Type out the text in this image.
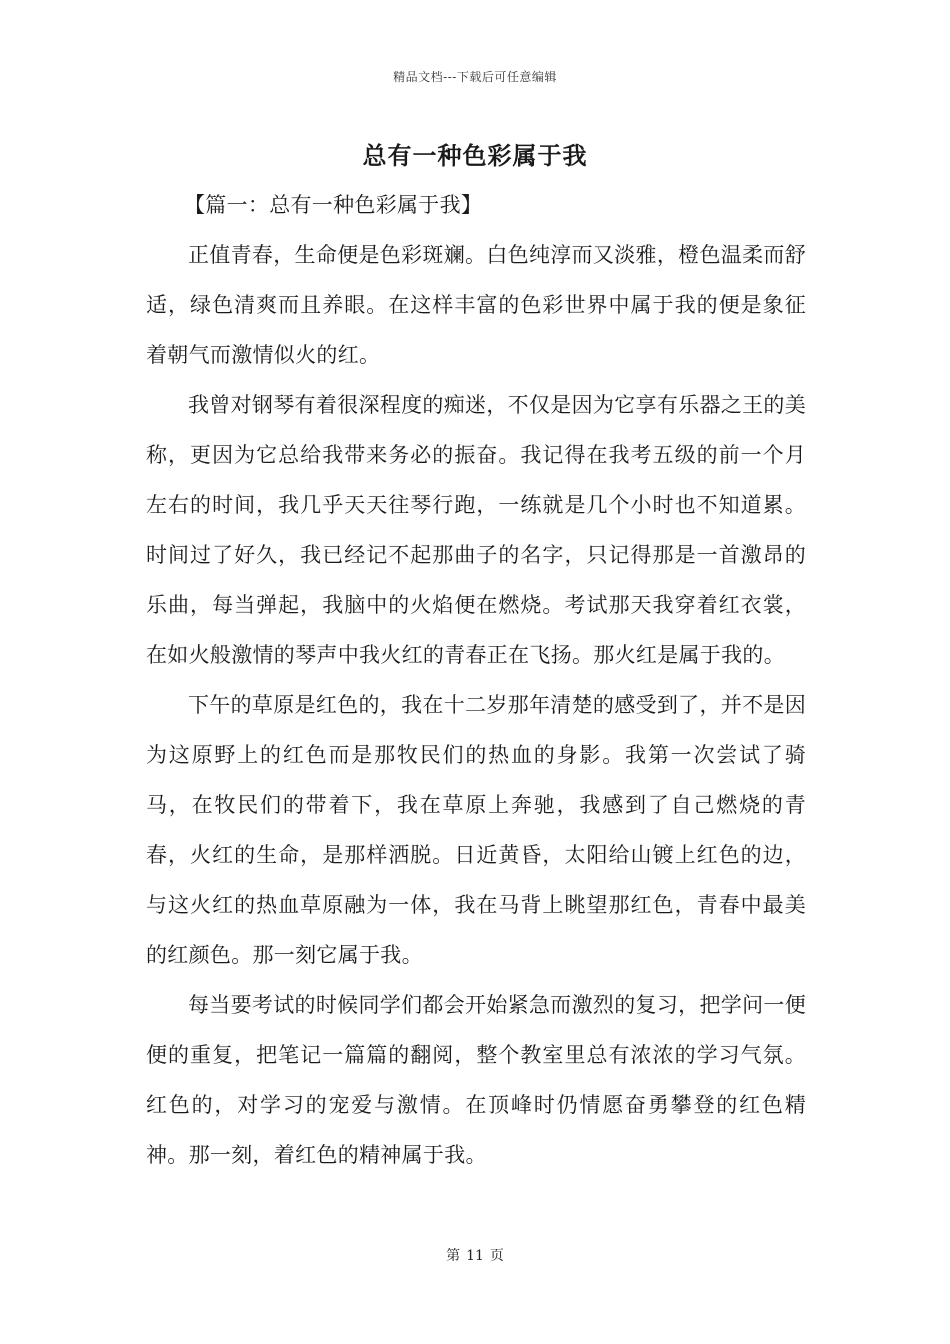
精品文档---下载后可任意编辑
总有一种色彩属于我

【篇一：总有一种色彩属于我】

正值青春，生命便是色彩斑斓。白色纯淳而又淡雅，橙色温柔而舒适，绿色清爽而且养眼。在这样丰富的色彩世界中属于我的便是象征着朝气而激情似火的红。

我曾对钢琴有着很深程度的痴迷，不仅是因为它享有乐器之王的美称，更因为它总给我带来务必的振奋。我记得在我考五级的前一个月左右的时间，我几乎天天往琴行跑，一练就是几个小时也不知道累。时间过了好久，我已经记不起那曲子的名字，只记得那是一首激昂的乐曲，每当弹起，我脑中的火焰便在燃烧。考试那天我穿着红衣裳，在如火般激情的琴声中我火红的青春正在飞扬。那火红是属于我的。

下午的草原是红色的，我在十二岁那年清楚的感受到了，并不是因为这原野上的红色而是那牧民们的热血的身影。我第一次尝试了骑马，在牧民们的带着下，我在草原上奔驰，我感到了自己燃烧的青春，火红的生命，是那样洒脱。日近黄昏，太阳给山镀上红色的边，与这火红的热血草原融为一体，我在马背上眺望那红色，青春中最美的红颜色。那一刻它属于我。

每当要考试的时候同学们都会开始紧急而激烈的复习，把学问一便便的重复，把笔记一篇篇的翻阅，整个教室里总有浓浓的学习气氛。红色的，对学习的宠爱与激情。在顶峰时仍情愿奋勇攀登的红色精神。那一刻，着红色的精神属于我。

第 11 页
